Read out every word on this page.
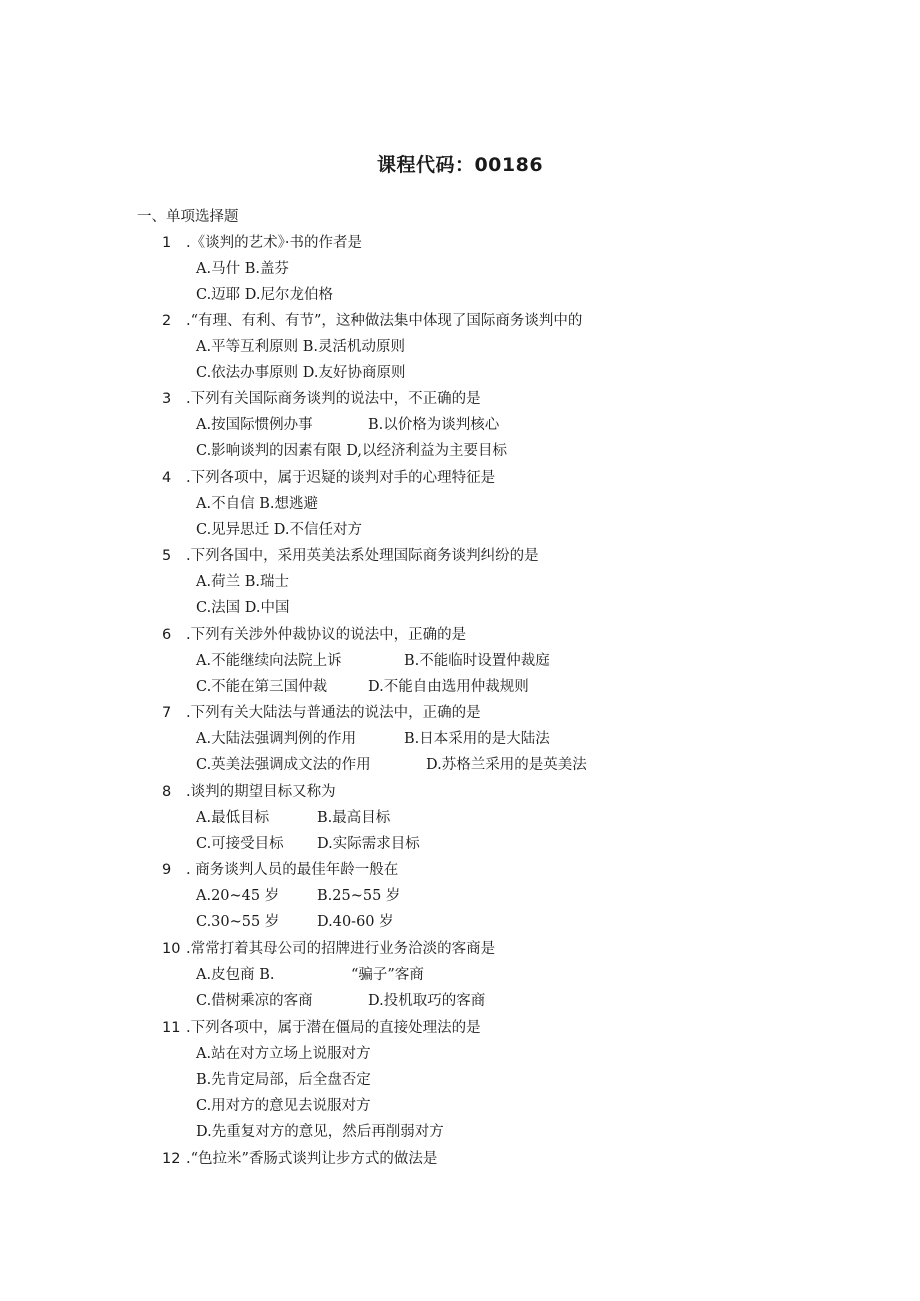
课程代码：00186
一、单项选择题
1 .《谈判的艺术》·书的作者是
A.马什 B.盖芬
C.迈耶 D.尼尔龙伯格
2 .“有理、有利、有节”，这种做法集中体现了国际商务谈判中的
A.平等互利原则 B.灵活机动原则
C.依法办事原则 D.友好协商原则
3 .下列有关国际商务谈判的说法中，不正确的是
A.按国际惯例办事	B.以价格为谈判核心
C.影响谈判的因素有限 D,以经济利益为主要目标
4 .下列各项中，属于迟疑的谈判对手的心理特征是
A.不自信 B.想逃避
C.见异思迁 D.不信任对方
5 .下列各国中，采用英美法系处理国际商务谈判纠纷的是
A.荷兰 B.瑞士
C.法国 D.中国
6 .下列有关涉外仲裁协议的说法中，正确的是
A.不能继续向法院上诉	B.不能临时设置仲裁庭
C.不能在第三国仲裁	D.不能自由选用仲裁规则
7 .下列有关大陆法与普通法的说法中，正确的是
A.大陆法强调判例的作用	B.日本采用的是大陆法
C.英美法强调成文法的作用	D.苏格兰采用的是英美法
8 .谈判的期望目标又称为
A.最低目标	B.最高目标
C.可接受目标 D.实际需求目标
9 . 商务谈判人员的最佳年龄一般在
A.20~45 岁	B.25~55 岁
C.30~55 岁	D.40-60 岁
10 .常常打着其母公司的招牌进行业务洽淡的客商是
A.皮包商 B.	“骗子”客商
C.借树乘凉的客商	D.投机取巧的客商
11 .下列各项中，属于潜在僵局的直接处理法的是
A.站在对方立场上说服对方
B.先肯定局部，后全盘否定
C.用对方的意见去说服对方
D.先重复对方的意见，然后再削弱对方
12 .“色拉米”香肠式谈判让步方式的做法是
